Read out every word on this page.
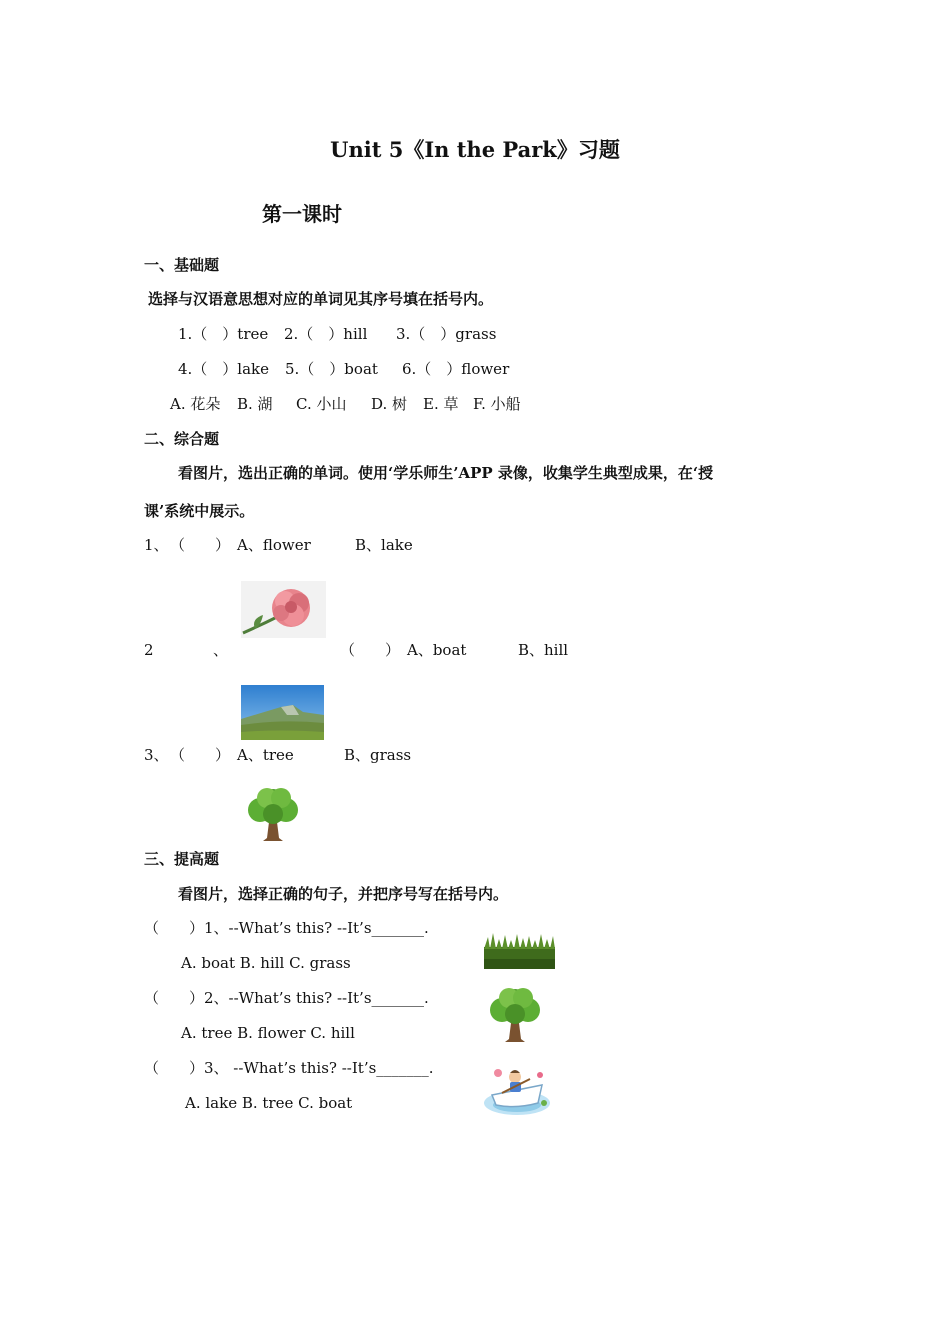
Unit 5《In the Park》习题
第一课时
一、基础题
选择与汉语意思想对应的单词见其序号填在括号内。
1.（　）tree 2.（　）hill 3.（　）grass
4.（　）lake 5.（　）boat 6.（　）flower
A. 花朵 B. 湖 C. 小山 D. 树 E. 草 F. 小船
二、综合题
看图片，选出正确的单词。使用‘学乐师生’APP 录像，收集学生典型成果，在‘授
课’系统中展示。
1、 （　　） A、flower	B、lake
2	、	（　　） A、boat	B、hill
3、 （　　） A、tree	B、grass
三、提高题
看图片，选择正确的句子，并把序号写在括号内。
（　　） 1、--What’s this? --It’s_______.
A. boat B. hill C. grass
（　　） 2、--What’s this? --It’s_______.
A. tree B. flower C. hill
（　　） 3、 --What’s this? --It’s_______.
A. lake B. tree C. boat
